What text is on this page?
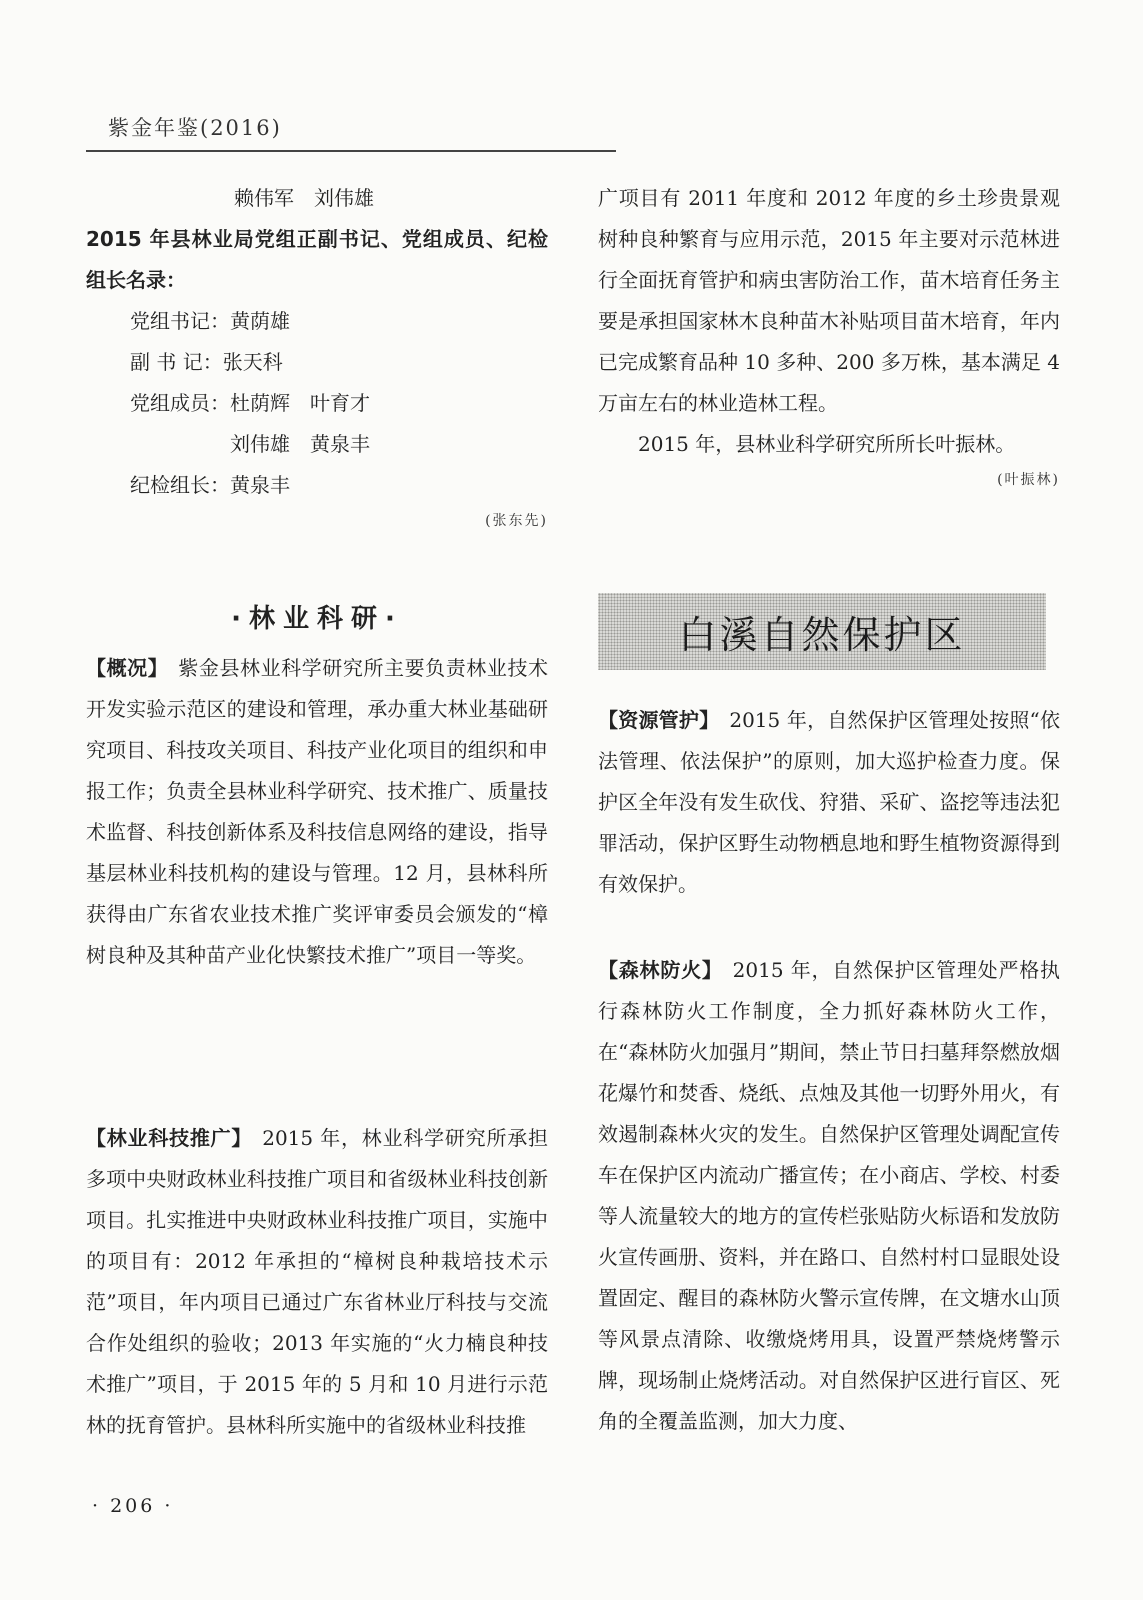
紫金年鉴(2016)

赖伟军　刘伟雄

2015 年县林业局党组正副书记、党组成员、纪检组长名录：

党组书记：黄荫雄

副 书 记：张天科

党组成员：杜荫辉　叶育才

　　　　　刘伟雄　黄泉丰

纪检组长：黄泉丰

(张东先)

广项目有 2011 年度和 2012 年度的乡土珍贵景观树种良种繁育与应用示范，2015 年主要对示范林进行全面抚育管护和病虫害防治工作，苗木培育任务主要是承担国家林木良种苗木补贴项目苗木培育，年内已完成繁育品种 10 多种、200 多万株，基本满足 4 万亩左右的林业造林工程。

2015 年，县林业科学研究所所长叶振林。

(叶振林)

·林业科研·	白溪自然保护区

【概况】 紫金县林业科学研究所主要负责林业技术开发实验示范区的建设和管理，承办重大林业基础研究项目、科技攻关项目、科技产业化项目的组织和申报工作；负责全县林业科学研究、技术推广、质量技术监督、科技创新体系及科技信息网络的建设，指导基层林业科技机构的建设与管理。12 月，县林科所获得由广东省农业技术推广奖评审委员会颁发的“樟树良种及其种苗产业化快繁技术推广”项目一等奖。

【林业科技推广】 2015 年，林业科学研究所承担多项中央财政林业科技推广项目和省级林业科技创新项目。扎实推进中央财政林业科技推广项目，实施中的项目有：2012 年承担的“樟树良种栽培技术示范”项目，年内项目已通过广东省林业厅科技与交流合作处组织的验收；2013 年实施的“火力楠良种技术推广”项目，于 2015 年的 5 月和 10 月进行示范林的抚育管护。县林科所实施中的省级林业科技推

【资源管护】 2015 年，自然保护区管理处按照“依法管理、依法保护”的原则，加大巡护检查力度。保护区全年没有发生砍伐、狩猎、采矿、盗挖等违法犯罪活动，保护区野生动物栖息地和野生植物资源得到有效保护。

【森林防火】 2015 年，自然保护区管理处严格执行森林防火工作制度，全力抓好森林防火工作，在“森林防火加强月”期间，禁止节日扫墓拜祭燃放烟花爆竹和焚香、烧纸、点烛及其他一切野外用火，有效遏制森林火灾的发生。自然保护区管理处调配宣传车在保护区内流动广播宣传；在小商店、学校、村委等人流量较大的地方的宣传栏张贴防火标语和发放防火宣传画册、资料，并在路口、自然村村口显眼处设置固定、醒目的森林防火警示宣传牌，在文塘水山顶等风景点清除、收缴烧烤用具，设置严禁烧烤警示牌，现场制止烧烤活动。对自然保护区进行盲区、死角的全覆盖监测，加大力度、

· 206 ·
